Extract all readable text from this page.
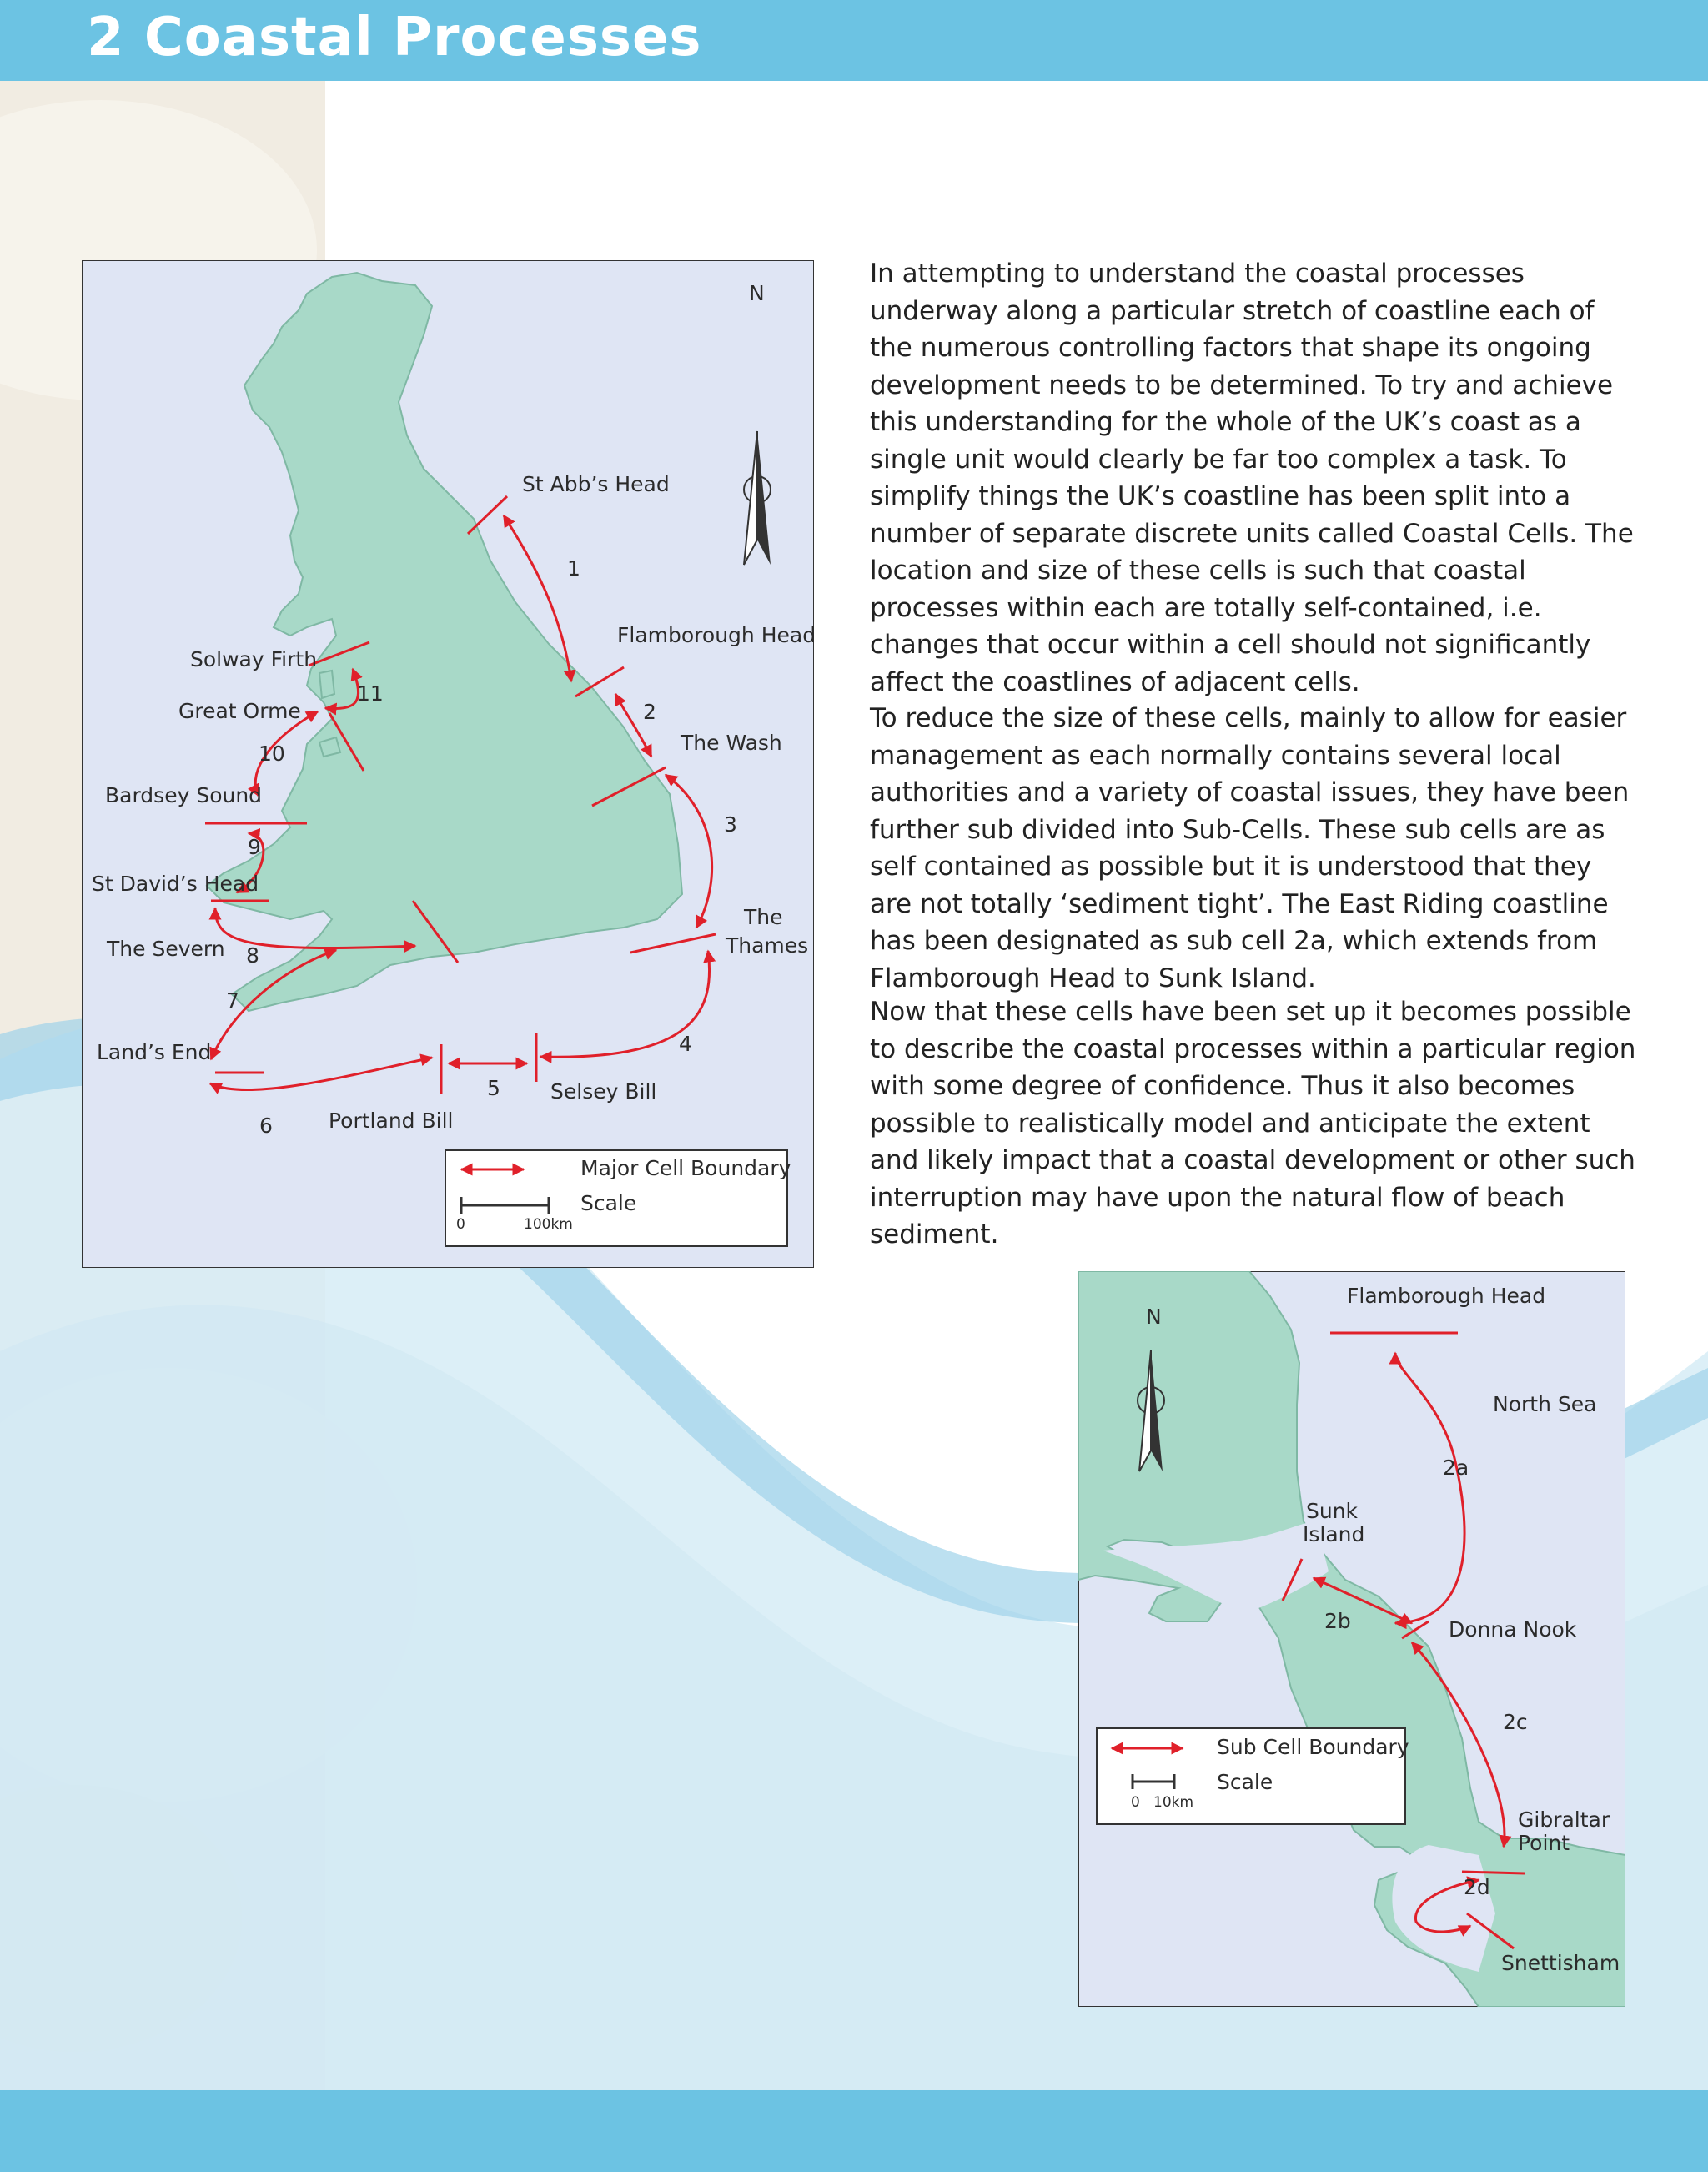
2 Coastal Processes
N
St Abb’s Head
Flamborough Head
The Wash
The
Thames
Selsey Bill
Portland Bill
Land’s End
The Severn
St David’s Head
Bardsey Sound
Great Orme
Solway Firth
1
2
3
4
5
6
7
8
9
10
11
Major Cell Boundary
Scale
0	100km
N
Flamborough Head
North Sea
Sunk
Island
Donna Nook
Gibraltar
Point
Snettisham
2a
2b
2c
2d
Sub Cell Boundary
Scale
0   10km

In attempting to understand the coastal processes underway along a particular stretch of coastline each of the numerous controlling factors that shape its ongoing development needs to be determined. To try and achieve this understanding for the whole of the UK’s coast as a single unit would clearly be far too complex a task. To simplify things the UK’s coastline has been split into a number of separate discrete units called Coastal Cells. The location and size of these cells is such that coastal processes within each are totally self-contained, i.e. changes that occur within a cell should not significantly affect the coastlines of adjacent cells.

To reduce the size of these cells, mainly to allow for easier management as each normally contains several local authorities and a variety of coastal issues, they have been further sub divided into Sub-Cells. These sub cells are as self contained as possible but it is understood that they are not totally ‘sediment tight’. The East Riding coastline has been designated as sub cell 2a, which extends from Flamborough Head to Sunk Island.

Now that these cells have been set up it becomes possible to describe the coastal processes within a particular region with some degree of confidence. Thus it also becomes possible to realistically model and anticipate the extent and likely impact that a coastal development or other such interruption may have upon the natural flow of beach sediment.
